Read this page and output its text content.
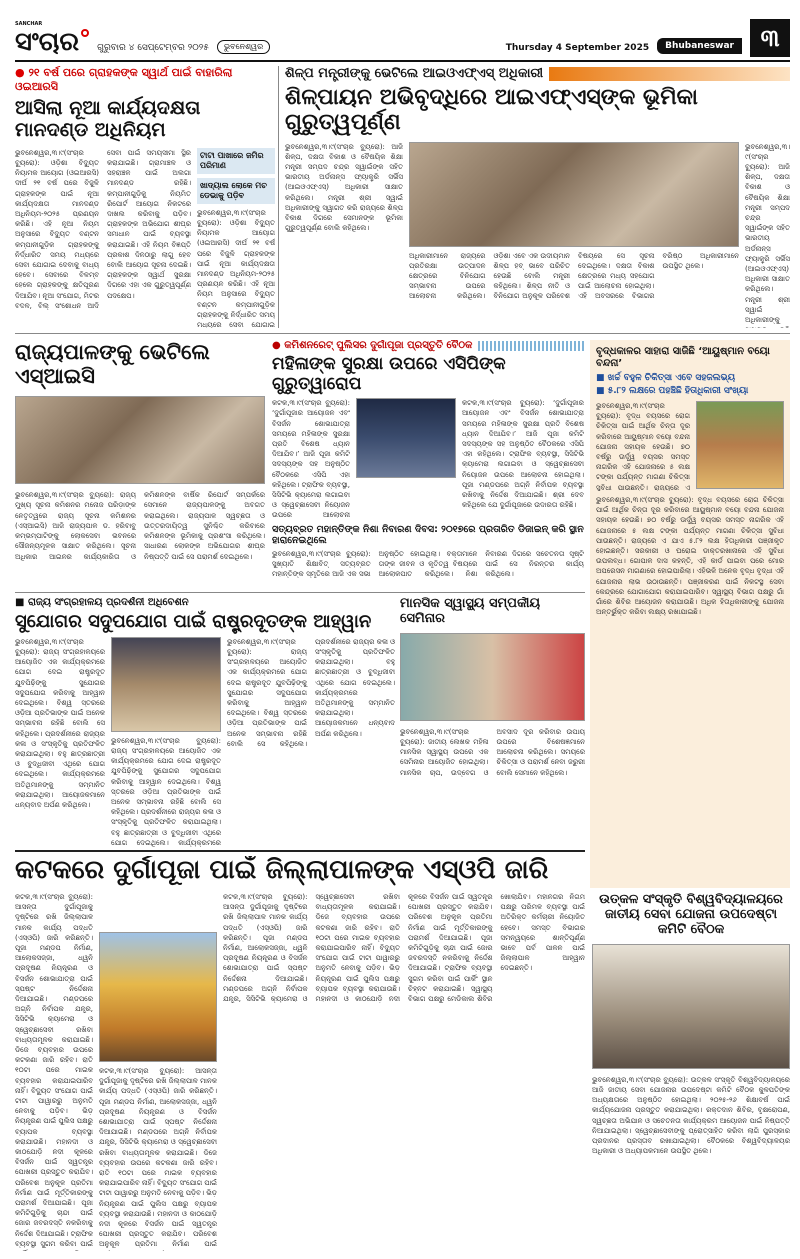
SANCHAR
ସଂଚାର ଗୁରୁବାର ୪ ସେପ୍ଟେମ୍ବର ୨୦୨୫	ଭୁବନେଶ୍ୱର	Thursday 4 September 2025	Bhubaneswar	୩
● ୨୧ ବର୍ଷ ପରେ ଗ୍ରାହକଙ୍କ ସ୍ୱାର୍ଥ ପାଇଁ ବାହାରିଲା ଓଇଆରସି
ଆସିଲା ନୂଆ କାର୍ଯ୍ୟଦକ୍ଷତା ମାନଦଣ୍ଡ ଅଧିନିୟମ
ଭୁବନେଶ୍ୱର,୩।୯(ସଂଚାର ବ୍ୟୁରୋ): ଓଡ଼ିଶା ବିଦ୍ୟୁତ ନିୟାମକ ଆୟୋଗ (ଓଇଆରସି) ଦୀର୍ଘ ୨୧ ବର୍ଷ ପରେ ବିଜୁଳି ଗ୍ରାହକଙ୍କ ପାଇଁ ନୂଆ କାର୍ଯ୍ୟଦକ୍ଷତା ମାନଦଣ୍ଡ ଅଧିନିୟମ-୨୦୨୫ ପ୍ରଣୟନ କରିଛି। ଏହି ନୂଆ ନିୟମ ଅନୁସାରେ ବିଦ୍ୟୁତ ବଣ୍ଟନ କମ୍ପାନୀଗୁଡ଼ିକ ଗ୍ରାହକଙ୍କୁ ନିର୍ଦ୍ଧାରିତ ସମୟ ମଧ୍ୟରେ ସେବା ଯୋଗାଇ ଦେବାକୁ ବାଧ୍ୟ ହେବେ। ସେବାରେ ବିଳମ୍ବ ହେଲେ ଗ୍ରାହକଙ୍କୁ କ୍ଷତିପୂରଣ ଦିଆଯିବ। ନୂଆ ସଂଯୋଗ, ମିଟର ବଦଳ, ବିଲ୍ ସଂଶୋଧନ ଆଦି ସେବା ପାଇଁ ସମୟସୀମା ସ୍ଥିର କରାଯାଇଛି। ଗ୍ରାମାଞ୍ଚଳ ଓ ସହରାଞ୍ଚଳ ପାଇଁ ଅଲଗା ମାନଦଣ୍ଡ ରହିଛି। କମ୍ପାନୀଗୁଡ଼ିକୁ ନିୟମିତ ରିପୋର୍ଟ ଆୟୋଗ ନିକଟରେ ଦାଖଲ କରିବାକୁ ପଡ଼ିବ। ଗ୍ରାହକଙ୍କ ଅଭିଯୋଗ ଶୀଘ୍ର ସମାଧାନ ପାଇଁ ବ୍ୟବସ୍ଥା କରାଯାଇଛି। ଏହି ନିୟମ ବିଜ୍ଞପ୍ତି ପ୍ରକାଶ ଦିନଠାରୁ ଲାଗୁ ହେବ ବୋଲି ଆୟୋଗ ସୂଚନା ଦେଇଛି। ଗ୍ରାହକଙ୍କ ସ୍ୱାର୍ଥ ସୁରକ୍ଷା ଦିଗରେ ଏହା ଏକ ଗୁରୁତ୍ୱପୂର୍ଣ୍ଣ ପଦକ୍ଷେପ।
ଟାଟା ପାଖାରେ ଜମିର ପରିମାଣ
ଖାଦ୍ୟାଲ ଲୋକେ ମଚ ଡେଭାକୁ ପଡ଼ିବ
ଭୁବନେଶ୍ୱର,୩।୯(ସଂଚାର ବ୍ୟୁରୋ): ଓଡ଼ିଶା ବିଦ୍ୟୁତ ନିୟାମକ ଆୟୋଗ (ଓଇଆରସି) ଦୀର୍ଘ ୨୧ ବର୍ଷ ପରେ ବିଜୁଳି ଗ୍ରାହକଙ୍କ ପାଇଁ ନୂଆ କାର୍ଯ୍ୟଦକ୍ଷତା ମାନଦଣ୍ଡ ଅଧିନିୟମ-୨୦୨୫ ପ୍ରଣୟନ କରିଛି। ଏହି ନୂଆ ନିୟମ ଅନୁସାରେ ବିଦ୍ୟୁତ ବଣ୍ଟନ କମ୍ପାନୀଗୁଡ଼ିକ ଗ୍ରାହକଙ୍କୁ ନିର୍ଦ୍ଧାରିତ ସମୟ ମଧ୍ୟରେ ସେବା ଯୋଗାଇ
ଶିଳ୍ପ ମନ୍ତ୍ରୀଙ୍କୁ ଭେଟିଲେ ଆଇଓଏଫ୍‌ଏସ୍ ଅଧିକାରୀ
ଶିଳ୍ପାୟନ ଅଭିବୃଦ୍ଧିରେ ଆଇଏଫ୍‌ଏସ୍‌ଙ୍କ ଭୂମିକା ଗୁରୁତ୍ୱପୂର୍ଣ୍ଣ
ଭୁବନେଶ୍ୱର,୩।୯(ସଂଚାର ବ୍ୟୁରୋ): ଆଜି ଶିଳ୍ପ, ଦକ୍ଷତା ବିକାଶ ଓ ବୈଷୟିକ ଶିକ୍ଷା ମନ୍ତ୍ରୀ ସମ୍ପଦ ଚନ୍ଦ୍ର ସ୍ୱାଇଁଙ୍କ ସହିତ ଭାରତୀୟ ଅର୍ଡନାନ୍ସ ଫ୍ୟାକ୍ଟ୍ରି ସର୍ଭିସ (ଆଇଓଏଫ୍‌ଏସ୍) ଅଧିକାରୀ ସାକ୍ଷାତ କରିଥିଲେ। ମନ୍ତ୍ରୀ ଶ୍ରୀ ସ୍ୱାଇଁ ଅଧିକାରୀଙ୍କୁ ସ୍ୱାଗତ କରି ରାଜ୍ୟରେ ଶିଳ୍ପ ବିକାଶ ଦିଗରେ ସେମାନଙ୍କ ଭୂମିକା ଗୁରୁତ୍ୱପୂର୍ଣ୍ଣ ବୋଲି କହିଥିଲେ।
ଅଧିକାରୀମାନେ ରାଜ୍ୟରେ ପ୍ରତିରକ୍ଷା ଉତ୍ପାଦନ କ୍ଷେତ୍ରରେ ବିନିଯୋଗ ସମ୍ଭାବନା ଉପରେ ଆଲୋଚନା କରିଥିଲେ। ଓଡ଼ିଶା ଏବେ ଏକ ଉଦୀୟମାନ ଶିଳ୍ପ ହବ୍ ଭାବେ ପରିଚିତ ହେଉଛି ବୋଲି ମନ୍ତ୍ରୀ କହିଥିଲେ। ଶିଳ୍ପ ନୀତି ଓ ବିନିଯୋଗ ଅନୁକୂଳ ପରିବେଶ ବିଷୟରେ ସେ ସୂଚନା ଦେଇଥିଲେ। ଦକ୍ଷତା ବିକାଶ କ୍ଷେତ୍ରରେ ମଧ୍ୟ ସହଯୋଗ ପାଇଁ ଆଲୋଚନା ହୋଇଥିଲା। ଏହି ଅବସରରେ ବିଭାଗର ବରିଷ୍ଠ ଅଧିକାରୀମାନେ ଉପସ୍ଥିତ ଥିଲେ।
ଭୁବନେଶ୍ୱର,୩।୯(ସଂଚାର ବ୍ୟୁରୋ): ଆଜି ଶିଳ୍ପ, ଦକ୍ଷତା ବିକାଶ ଓ ବୈଷୟିକ ଶିକ୍ଷା ମନ୍ତ୍ରୀ ସମ୍ପଦ ଚନ୍ଦ୍ର ସ୍ୱାଇଁଙ୍କ ସହିତ ଭାରତୀୟ ଅର୍ଡନାନ୍ସ ଫ୍ୟାକ୍ଟ୍ରି ସର୍ଭିସ (ଆଇଓଏଫ୍‌ଏସ୍) ଅଧିକାରୀ ସାକ୍ଷାତ କରିଥିଲେ। ମନ୍ତ୍ରୀ ଶ୍ରୀ ସ୍ୱାଇଁ ଅଧିକାରୀଙ୍କୁ
ରାଜ୍ୟପାଳଙ୍କୁ ଭେଟିଲେ ଏସ୍‌ଆଇସି
ଭୁବନେଶ୍ୱର,୩।୯(ସଂଚାର ବ୍ୟୁରୋ): ରାଜ୍ୟ ମୁଖ୍ୟ ସୂଚନା କମିଶନର ମନୋଜ ପରିଡ଼ାଙ୍କ ନେତୃତ୍ୱରେ ରାଜ୍ୟ ସୂଚନା କମିଶନର (ଏସ୍‌ଆଇସି) ଆଜି ରାଜ୍ୟପାଳ ଡ. ହରିବାବୁ କମ୍ଭମ୍ପାଟିଙ୍କୁ ଲୋକସେବା ଭବନରେ ସୌଜନ୍ୟମୂଳକ ସାକ୍ଷାତ କରିଥିଲେ। ସୂଚନା ଅଧିକାର ଆଇନର କାର୍ଯ୍ୟକାରିତା ଓ କମିଶନଙ୍କ ବାର୍ଷିକ ରିପୋର୍ଟ ସମ୍ପର୍କରେ ସେମାନେ ରାଜ୍ୟପାଳଙ୍କୁ ଅବଗତ କରାଇଥିଲେ। ରାଜ୍ୟପାଳ ସ୍ୱଚ୍ଛତା ଓ ଉତ୍ତରଦାୟିତ୍ୱ ସୁନିଶ୍ଚିତ କରିବାରେ କମିଶନଙ୍କ ଭୂମିକାକୁ ପ୍ରଶଂସା କରିଥିଲେ। ସାଧାରଣ ଲୋକଙ୍କ ଅଭିଯୋଗର ଶୀଘ୍ର ନିଷ୍ପତ୍ତି ପାଇଁ ସେ ପରାମର୍ଶ ଦେଇଥିଲେ।
● କମିଶନରେଟ୍ ପୁଲିସର ଦୁର୍ଗାପୂଜା ପ୍ରସ୍ତୁତି ବୈଠକ
ମହିଳାଙ୍କ ସୁରକ୍ଷା ଉପରେ ଏସିପିଙ୍କ ଗୁରୁତ୍ୱାରୋପ
କଟକ,୩।୯(ସଂଚାର ବ୍ୟୁରୋ): ‘ଦୁର୍ଗାପୂଜାର ଆୟୋଜନ ଏବଂ ବିସର୍ଜନ ଶୋଭାଯାତ୍ରା ସମୟରେ ମହିଳାଙ୍କ ସୁରକ୍ଷା ପ୍ରତି ବିଶେଷ ଧ୍ୟାନ ଦିଆଯିବ।’ ଆଜି ପୂଜା କମିଟି ସଦସ୍ୟଙ୍କ ସହ ଅନୁଷ୍ଠିତ ବୈଠକରେ ଏସିପି ଏହା କହିଥିଲେ। ଟ୍ରାଫିକ ବ୍ୟବସ୍ଥା, ସିସିଟିଭି କ୍ୟାମେରା ଲଗାଇବା ଓ ସ୍ୱେଚ୍ଛାସେବୀ ନିୟୋଜନ ଉପରେ ଆଲୋଚନା
କଟକ,୩।୯(ସଂଚାର ବ୍ୟୁରୋ): ‘ଦୁର୍ଗାପୂଜାର ଆୟୋଜନ ଏବଂ ବିସର୍ଜନ ଶୋଭାଯାତ୍ରା ସମୟରେ ମହିଳାଙ୍କ ସୁରକ୍ଷା ପ୍ରତି ବିଶେଷ ଧ୍ୟାନ ଦିଆଯିବ।’ ଆଜି ପୂଜା କମିଟି ସଦସ୍ୟଙ୍କ ସହ ଅନୁଷ୍ଠିତ ବୈଠକରେ ଏସିପି ଏହା କହିଥିଲେ। ଟ୍ରାଫିକ ବ୍ୟବସ୍ଥା, ସିସିଟିଭି କ୍ୟାମେରା ଲଗାଇବା ଓ ସ୍ୱେଚ୍ଛାସେବୀ ନିୟୋଜନ ଉପରେ ଆଲୋଚନା ହୋଇଥିଲା। ପୂଜା ମଣ୍ଡପରେ ଅଗ୍ନି ନିର୍ବାପକ ବ୍ୟବସ୍ଥା ରଖିବାକୁ ନିର୍ଦ୍ଦେଶ ଦିଆଯାଇଛି। ଶ୍ରୀ ଦେବ କହିଥିଲେ ଯେ ଦୁର୍ଗାପୂଜାରେ ଉଦାରତା ରହିଛି।
ସତ୍ୟବ୍ରତ ମହାନ୍ତିଙ୍କ ନିଶା ନିବାରଣ ଦିବସ: ୨୦୧୭ରେ ପ୍ରତାରିତ ଡିଜାଇନ୍ କରି ସ୍ଥାନ ହାରାନେଇଥିଲେ
ଭୁବନେଶ୍ୱର,୩।୯(ସଂଚାର ବ୍ୟୁରୋ): ସୁଖ୍ୟାତି ଶିକ୍ଷାବିତ୍ ସତ୍ୟବ୍ରତ ମହାନ୍ତିଙ୍କ ସ୍ମୃତିରେ ଆଜି ଏକ ସଭା ଅନୁଷ୍ଠିତ ହୋଇଥିଲା। ବକ୍ତାମାନେ ତାଙ୍କ ଜୀବନ ଓ କୃତିତ୍ୱ ବିଷୟରେ ଆଲୋକପାତ କରିଥିଲେ। ନିଶା ନିବାରଣ ଦିଗରେ ସଚେତନତା ସୃଷ୍ଟି ପାଇଁ ସେ ନିରନ୍ତର କାର୍ଯ୍ୟ କରିଥିଲେ।
ବୃଦ୍ଧକାଳର ସାହାରା ସାଜିଛି ‘ଆୟୁଷ୍ମାନ ବୟୋ ବନ୍ଦନା’
■ ଖର୍ଚ୍ଚ ବହୁଳ ଚିକିତ୍ସା ଏବେ ସହଜଲଭ୍ୟ
■ ୫.୮୨ ଲକ୍ଷରେ ପହଞ୍ଚିଛି ହିତାଧିକାରୀ ସଂଖ୍ୟା
ଭୁବନେଶ୍ୱର,୩।୯(ସଂଚାର ବ୍ୟୁରୋ): ବୃଦ୍ଧ ବୟସରେ ରୋଗ ଚିକିତ୍ସା ପାଇଁ ଆର୍ଥିକ ଚିନ୍ତା ଦୂର କରିବାରେ ଆୟୁଷ୍ମାନ ବୟୋ ବନ୍ଦନା ଯୋଜନା ସହାୟକ ହେଉଛି। ୭୦ ବର୍ଷରୁ ଊର୍ଦ୍ଧ୍ୱ ବୟସର ସମସ୍ତ ନାଗରିକ ଏହି ଯୋଜନାରେ ୫ ଲକ୍ଷ ଟଙ୍କା ପର୍ଯ୍ୟନ୍ତ ମାଗଣା ଚିକିତ୍ସା ସୁବିଧା ପାଉଛନ୍ତି। ରାଜ୍ୟରେ ଏ
ଭୁବନେଶ୍ୱର,୩।୯(ସଂଚାର ବ୍ୟୁରୋ): ବୃଦ୍ଧ ବୟସରେ ରୋଗ ଚିକିତ୍ସା ପାଇଁ ଆର୍ଥିକ ଚିନ୍ତା ଦୂର କରିବାରେ ଆୟୁଷ୍ମାନ ବୟୋ ବନ୍ଦନା ଯୋଜନା ସହାୟକ ହେଉଛି। ୭୦ ବର୍ଷରୁ ଊର୍ଦ୍ଧ୍ୱ ବୟସର ସମସ୍ତ ନାଗରିକ ଏହି ଯୋଜନାରେ ୫ ଲକ୍ଷ ଟଙ୍କା ପର୍ଯ୍ୟନ୍ତ ମାଗଣା ଚିକିତ୍ସା ସୁବିଧା ପାଉଛନ୍ତି। ରାଜ୍ୟରେ ଏ ଯାଏ ୫.୮୨ ଲକ୍ଷ ହିତାଧିକାରୀ ପଞ୍ଜୀକୃତ ହୋଇଛନ୍ତି। ସରକାରୀ ଓ ଘରୋଇ ଡାକ୍ତରଖାନାରେ ଏହି ସୁବିଧା ଉପଲବ୍ଧ। ଗୋପାଳ ଦାସ କହନ୍ତି, ଏହି କାର୍ଡ ପାଇବା ପରେ ମୋର ଅପରେସନ ମାଗଣାରେ ହୋଇପାରିଲା। ଏହିଭଳି ଅନେକ ବୃଦ୍ଧ ବୃଦ୍ଧା ଏହି ଯୋଜନାର ଲାଭ ଉଠାଉଛନ୍ତି। ପଞ୍ଜୀକରଣ ପାଇଁ ନିକଟସ୍ଥ ସେବା କେନ୍ଦ୍ରରେ ଯୋଗାଯୋଗ କରାଯାଇପାରିବ। ସ୍ୱାସ୍ଥ୍ୟ ବିଭାଗ ପକ୍ଷରୁ ଗାଁ ଗାଁରେ ଶିବିର ଆୟୋଜନ କରାଯାଉଛି। ଅଧିକ ହିତାଧିକାରୀଙ୍କୁ ଯୋଜନା ଅନ୍ତର୍ଭୁକ୍ତ କରିବା ଲକ୍ଷ୍ୟ ରଖାଯାଇଛି।
■ ରାଜ୍ୟ ସଂଗ୍ରହାଳୟ ପ୍ରଦର୍ଶନୀ ଅଧିବେଶନ
ସୁଯୋଗର ସଦୁପଯୋଗ ପାଇଁ ରାଷ୍ଟ୍ରଦୂତଙ୍କ ଆହ୍ୱାନ
ଭୁବନେଶ୍ୱର,୩।୯(ସଂଚାର ବ୍ୟୁରୋ): ରାଜ୍ୟ ସଂଗ୍ରହାଳୟରେ ଆୟୋଜିତ ଏକ କାର୍ଯ୍ୟକ୍ରମରେ ଯୋଗ ଦେଇ ରାଷ୍ଟ୍ରଦୂତ ଯୁବପିଢ଼ିଙ୍କୁ ସୁଯୋଗର ସଦୁପଯୋଗ କରିବାକୁ ଆହ୍ୱାନ ଦେଇଥିଲେ। ବିଶ୍ୱ ସ୍ତରରେ ଓଡ଼ିଆ ପ୍ରତିଭାଙ୍କ ପାଇଁ ଅନେକ ସମ୍ଭାବନା ରହିଛି ବୋଲି ସେ କହିଥିଲେ। ପ୍ରଦର୍ଶନୀରେ ରାଜ୍ୟର କଳା ଓ ସଂସ୍କୃତିକୁ ପ୍ରତିଫଳିତ କରାଯାଇଥିଲା। ବହୁ ଛାତ୍ରଛାତ୍ରୀ ଓ ବୁଦ୍ଧିଜୀବୀ ଏଥିରେ ଯୋଗ ଦେଇଥିଲେ। କାର୍ଯ୍ୟକ୍ରମରେ ଅତିଥିମାନଙ୍କୁ ସମ୍ମାନିତ କରାଯାଇଥିଲା। ଆୟୋଜକମାନେ ଧନ୍ୟବାଦ ଅର୍ପଣ କରିଥିଲେ।
ଭୁବନେଶ୍ୱର,୩।୯(ସଂଚାର ବ୍ୟୁରୋ): ରାଜ୍ୟ ସଂଗ୍ରହାଳୟରେ ଆୟୋଜିତ ଏକ କାର୍ଯ୍ୟକ୍ରମରେ ଯୋଗ ଦେଇ ରାଷ୍ଟ୍ରଦୂତ ଯୁବପିଢ଼ିଙ୍କୁ ସୁଯୋଗର ସଦୁପଯୋଗ କରିବାକୁ ଆହ୍ୱାନ ଦେଇଥିଲେ। ବିଶ୍ୱ ସ୍ତରରେ ଓଡ଼ିଆ ପ୍ରତିଭାଙ୍କ ପାଇଁ ଅନେକ ସମ୍ଭାବନା ରହିଛି ବୋଲି ସେ କହିଥିଲେ। ପ୍ରଦର୍ଶନୀରେ ରାଜ୍ୟର କଳା ଓ ସଂସ୍କୃତିକୁ ପ୍ରତିଫଳିତ କରାଯାଇଥିଲା। ବହୁ ଛାତ୍ରଛାତ୍ରୀ ଓ ବୁଦ୍ଧିଜୀବୀ ଏଥିରେ ଯୋଗ ଦେଇଥିଲେ। କାର୍ଯ୍ୟକ୍ରମରେ
ଭୁବନେଶ୍ୱର,୩।୯(ସଂଚାର ବ୍ୟୁରୋ): ରାଜ୍ୟ ସଂଗ୍ରହାଳୟରେ ଆୟୋଜିତ ଏକ କାର୍ଯ୍ୟକ୍ରମରେ ଯୋଗ ଦେଇ ରାଷ୍ଟ୍ରଦୂତ ଯୁବପିଢ଼ିଙ୍କୁ ସୁଯୋଗର ସଦୁପଯୋଗ କରିବାକୁ ଆହ୍ୱାନ ଦେଇଥିଲେ। ବିଶ୍ୱ ସ୍ତରରେ ଓଡ଼ିଆ ପ୍ରତିଭାଙ୍କ ପାଇଁ ଅନେକ ସମ୍ଭାବନା ରହିଛି ବୋଲି ସେ କହିଥିଲେ। ପ୍ରଦର୍ଶନୀରେ ରାଜ୍ୟର କଳା ଓ ସଂସ୍କୃତିକୁ ପ୍ରତିଫଳିତ କରାଯାଇଥିଲା। ବହୁ ଛାତ୍ରଛାତ୍ରୀ ଓ ବୁଦ୍ଧିଜୀବୀ ଏଥିରେ ଯୋଗ ଦେଇଥିଲେ। କାର୍ଯ୍ୟକ୍ରମରେ ଅତିଥିମାନଙ୍କୁ ସମ୍ମାନିତ କରାଯାଇଥିଲା। ଆୟୋଜକମାନେ ଧନ୍ୟବାଦ ଅର୍ପଣ କରିଥିଲେ।
ମାନସିକ ସ୍ୱାସ୍ଥ୍ୟ ସମ୍ପର୍କୀୟ ସେମିନାର
ଭୁବନେଶ୍ୱର,୩।୯(ସଂଚାର ବ୍ୟୁରୋ): ଜାତୀୟ ଲେଖକ ମହିଳା ମାନସିକ ସ୍ୱାସ୍ଥ୍ୟ ଉପରେ ଏକ ସେମିନାର ଆୟୋଜିତ ହୋଇଥିଲା। ମାନସିକ ଚାପ, ଉଦ୍‌ବେଗ ଓ ଅବସାଦ ଦୂର କରିବାର ଉପାୟ ଉପରେ ବିଶେଷଜ୍ଞମାନେ ଆଲୋଚନା କରିଥିଲେ। ସମୟରେ ଚିକିତ୍ସା ଓ ପରାମର୍ଶ ନେବା ଜରୁରୀ ବୋଲି ସେମାନେ କହିଥିଲେ।
ଉତ୍କଳ ସଂସ୍କୃତି ବିଶ୍ୱବିଦ୍ୟାଳୟରେ ଜାତୀୟ ସେବା ଯୋଜନା ଉପଦେଷ୍ଟା କମିଟି ବୈଠକ
ଭୁବନେଶ୍ୱର,୩।୯(ସଂଚାର ବ୍ୟୁରୋ): ଉତ୍କଳ ସଂସ୍କୃତି ବିଶ୍ୱବିଦ୍ୟାଳୟରେ ଆଜି ଜାତୀୟ ସେବା ଯୋଜନାର ଉପଦେଷ୍ଟା କମିଟି ବୈଠକ କୁଳପତିଙ୍କ ଅଧ୍ୟକ୍ଷତାରେ ଅନୁଷ୍ଠିତ ହୋଇଥିଲା। ୨୦୨୫-୨୬ ଶିକ୍ଷାବର୍ଷ ପାଇଁ କାର୍ଯ୍ୟଯୋଜନା ପ୍ରସ୍ତୁତ କରାଯାଇଥିଲା। ରକ୍ତଦାନ ଶିବିର, ବୃକ୍ଷରୋପଣ, ସ୍ୱଚ୍ଛତା ଅଭିଯାନ ଓ ସଚେତନତା କାର୍ଯ୍ୟକ୍ରମ ଆୟୋଜନ ପାଇଁ ନିଷ୍ପତ୍ତି ନିଆଯାଇଥିଲା। ସ୍ୱେଚ୍ଛାସେବୀଙ୍କୁ ପ୍ରୋତ୍ସାହିତ କରିବା ଲାଗି ପୁରସ୍କାର ପ୍ରଦାନର ପ୍ରସ୍ତାବ ରଖାଯାଇଥିଲା। ବୈଠକରେ ବିଶ୍ୱବିଦ୍ୟାଳୟର ଅଧିକାରୀ ଓ ଅଧ୍ୟାପକମାନେ ଉପସ୍ଥିତ ଥିଲେ।
କଟକରେ ଦୁର୍ଗାପୂଜା ପାଇଁ ଜିଲ୍ଲାପାଳଙ୍କ ଏସ୍‌ଓପି ଜାରି
କଟକ,୩।୯(ସଂଚାର ବ୍ୟୁରୋ): ଆସନ୍ତା ଦୁର୍ଗାପୂଜାକୁ ଦୃଷ୍ଟିରେ ରଖି ଜିଲ୍ଲାପାଳ ମାନକ କାର୍ଯ୍ୟ ପଦ୍ଧତି (ଏସ୍‌ଓପି) ଜାରି କରିଛନ୍ତି। ପୂଜା ମଣ୍ଡପ ନିର୍ମାଣ, ଆଲୋକସଜ୍ଜା, ଧ୍ୱନି ପ୍ରଦୂଷଣ ନିୟନ୍ତ୍ରଣ ଓ ବିସର୍ଜନ ଶୋଭାଯାତ୍ରା ପାଇଁ ସ୍ପଷ୍ଟ ନିର୍ଦ୍ଦେଶନା ଦିଆଯାଇଛି। ମଣ୍ଡପରେ ଅଗ୍ନି ନିର୍ବାପକ ଯନ୍ତ୍ର, ସିସିଟିଭି କ୍ୟାମେରା ଓ ସ୍ୱେଚ୍ଛାସେବୀ ରଖିବା ବାଧ୍ୟତାମୂଳକ କରାଯାଇଛି। ଡିଜେ ବ୍ୟବହାର ଉପରେ କଟକଣା ଜାରି ରହିବ। ରାତି ୧୦ଟା ପରେ ମାଇକ ବ୍ୟବହାର କରାଯାଇପାରିବ ନାହିଁ। ବିଦ୍ୟୁତ ସଂଯୋଗ ପାଇଁ ଟାଟା ପାୱାରରୁ ଅନୁମତି ନେବାକୁ ପଡ଼ିବ। ଭିଡ଼ ନିୟନ୍ତ୍ରଣ ପାଇଁ ପୁଲିସ ପକ୍ଷରୁ ବ୍ୟାପକ ବ୍ୟବସ୍ଥା କରାଯାଉଛି। ମହାନଦୀ ଓ କାଠଯୋଡ଼ି ନଦୀ କୂଳରେ ବିସର୍ଜନ ପାଇଁ ସ୍ୱତନ୍ତ୍ର ପୋଖରୀ ପ୍ରସ୍ତୁତ କରାଯିବ। ପରିବେଶ ଅନୁକୂଳ ପ୍ରତିମା ନିର୍ମାଣ ପାଇଁ ମୂର୍ତ୍ତିକାରଙ୍କୁ ପରାମର୍ଶ ଦିଆଯାଇଛି। ପୂଜା କମିଟିଗୁଡ଼ିକୁ ଚାନ୍ଦା ପାଇଁ ଜୋର ଜବରଦସ୍ତି ନକରିବାକୁ ନିର୍ଦ୍ଦେଶ ଦିଆଯାଇଛି। ଟ୍ରାଫିକ ବ୍ୟବସ୍ଥା ସୁଗମ କରିବା ପାଇଁ
କଟକ,୩।୯(ସଂଚାର ବ୍ୟୁରୋ): ଆସନ୍ତା ଦୁର୍ଗାପୂଜାକୁ ଦୃଷ୍ଟିରେ ରଖି ଜିଲ୍ଲାପାଳ ମାନକ କାର୍ଯ୍ୟ ପଦ୍ଧତି (ଏସ୍‌ଓପି) ଜାରି କରିଛନ୍ତି। ପୂଜା ମଣ୍ଡପ ନିର୍ମାଣ, ଆଲୋକସଜ୍ଜା, ଧ୍ୱନି ପ୍ରଦୂଷଣ ନିୟନ୍ତ୍ରଣ ଓ ବିସର୍ଜନ ଶୋଭାଯାତ୍ରା ପାଇଁ ସ୍ପଷ୍ଟ ନିର୍ଦ୍ଦେଶନା ଦିଆଯାଇଛି। ମଣ୍ଡପରେ ଅଗ୍ନି ନିର୍ବାପକ ଯନ୍ତ୍ର, ସିସିଟିଭି କ୍ୟାମେରା ଓ ସ୍ୱେଚ୍ଛାସେବୀ ରଖିବା ବାଧ୍ୟତାମୂଳକ କରାଯାଇଛି। ଡିଜେ ବ୍ୟବହାର ଉପରେ କଟକଣା ଜାରି ରହିବ। ରାତି ୧୦ଟା ପରେ ମାଇକ ବ୍ୟବହାର କରାଯାଇପାରିବ ନାହିଁ। ବିଦ୍ୟୁତ ସଂଯୋଗ ପାଇଁ ଟାଟା ପାୱାରରୁ ଅନୁମତି ନେବାକୁ ପଡ଼ିବ। ଭିଡ଼ ନିୟନ୍ତ୍ରଣ ପାଇଁ ପୁଲିସ ପକ୍ଷରୁ ବ୍ୟାପକ ବ୍ୟବସ୍ଥା କରାଯାଉଛି। ମହାନଦୀ ଓ କାଠଯୋଡ଼ି ନଦୀ କୂଳରେ ବିସର୍ଜନ ପାଇଁ ସ୍ୱତନ୍ତ୍ର ପୋଖରୀ ପ୍ରସ୍ତୁତ କରାଯିବ। ପରିବେଶ ଅନୁକୂଳ ପ୍ରତିମା ନିର୍ମାଣ ପାଇଁ
କଟକ,୩।୯(ସଂଚାର ବ୍ୟୁରୋ): ଆସନ୍ତା ଦୁର୍ଗାପୂଜାକୁ ଦୃଷ୍ଟିରେ ରଖି ଜିଲ୍ଲାପାଳ ମାନକ କାର୍ଯ୍ୟ ପଦ୍ଧତି (ଏସ୍‌ଓପି) ଜାରି କରିଛନ୍ତି। ପୂଜା ମଣ୍ଡପ ନିର୍ମାଣ, ଆଲୋକସଜ୍ଜା, ଧ୍ୱନି ପ୍ରଦୂଷଣ ନିୟନ୍ତ୍ରଣ ଓ ବିସର୍ଜନ ଶୋଭାଯାତ୍ରା ପାଇଁ ସ୍ପଷ୍ଟ ନିର୍ଦ୍ଦେଶନା ଦିଆଯାଇଛି। ମଣ୍ଡପରେ ଅଗ୍ନି ନିର୍ବାପକ ଯନ୍ତ୍ର, ସିସିଟିଭି କ୍ୟାମେରା ଓ ସ୍ୱେଚ୍ଛାସେବୀ ରଖିବା ବାଧ୍ୟତାମୂଳକ କରାଯାଇଛି। ଡିଜେ ବ୍ୟବହାର ଉପରେ କଟକଣା ଜାରି ରହିବ। ରାତି ୧୦ଟା ପରେ ମାଇକ ବ୍ୟବହାର କରାଯାଇପାରିବ ନାହିଁ। ବିଦ୍ୟୁତ ସଂଯୋଗ ପାଇଁ ଟାଟା ପାୱାରରୁ ଅନୁମତି ନେବାକୁ ପଡ଼ିବ। ଭିଡ଼ ନିୟନ୍ତ୍ରଣ ପାଇଁ ପୁଲିସ ପକ୍ଷରୁ ବ୍ୟାପକ ବ୍ୟବସ୍ଥା କରାଯାଉଛି। ମହାନଦୀ ଓ କାଠଯୋଡ଼ି ନଦୀ କୂଳରେ ବିସର୍ଜନ ପାଇଁ ସ୍ୱତନ୍ତ୍ର ପୋଖରୀ ପ୍ରସ୍ତୁତ କରାଯିବ। ପରିବେଶ ଅନୁକୂଳ ପ୍ରତିମା ନିର୍ମାଣ ପାଇଁ ମୂର୍ତ୍ତିକାରଙ୍କୁ ପରାମର୍ଶ ଦିଆଯାଇଛି। ପୂଜା କମିଟିଗୁଡ଼ିକୁ ଚାନ୍ଦା ପାଇଁ ଜୋର ଜବରଦସ୍ତି ନକରିବାକୁ ନିର୍ଦ୍ଦେଶ ଦିଆଯାଇଛି। ଟ୍ରାଫିକ ବ୍ୟବସ୍ଥା ସୁଗମ କରିବା ପାଇଁ ପାର୍କିଂ ସ୍ଥାନ ଚିହ୍ନଟ କରାଯାଇଛି। ସ୍ୱାସ୍ଥ୍ୟ ବିଭାଗ ପକ୍ଷରୁ ମେଡିକାଲ ଶିବିର ଖୋଲାଯିବ। ମହାନଗର ନିଗମ ପକ୍ଷରୁ ପରିମଳ ବ୍ୟବସ୍ଥା ପାଇଁ ଅତିରିକ୍ତ କର୍ମଚାରୀ ନିୟୋଜିତ ହେବେ। ସମସ୍ତ ବିଭାଗର ସମନ୍ୱୟରେ ଶାନ୍ତିପୂର୍ଣ୍ଣ ଭାବେ ପର୍ବ ପାଳନ ପାଇଁ ଜିଲ୍ଲାପାଳ ଆହ୍ୱାନ ଦେଇଛନ୍ତି।
